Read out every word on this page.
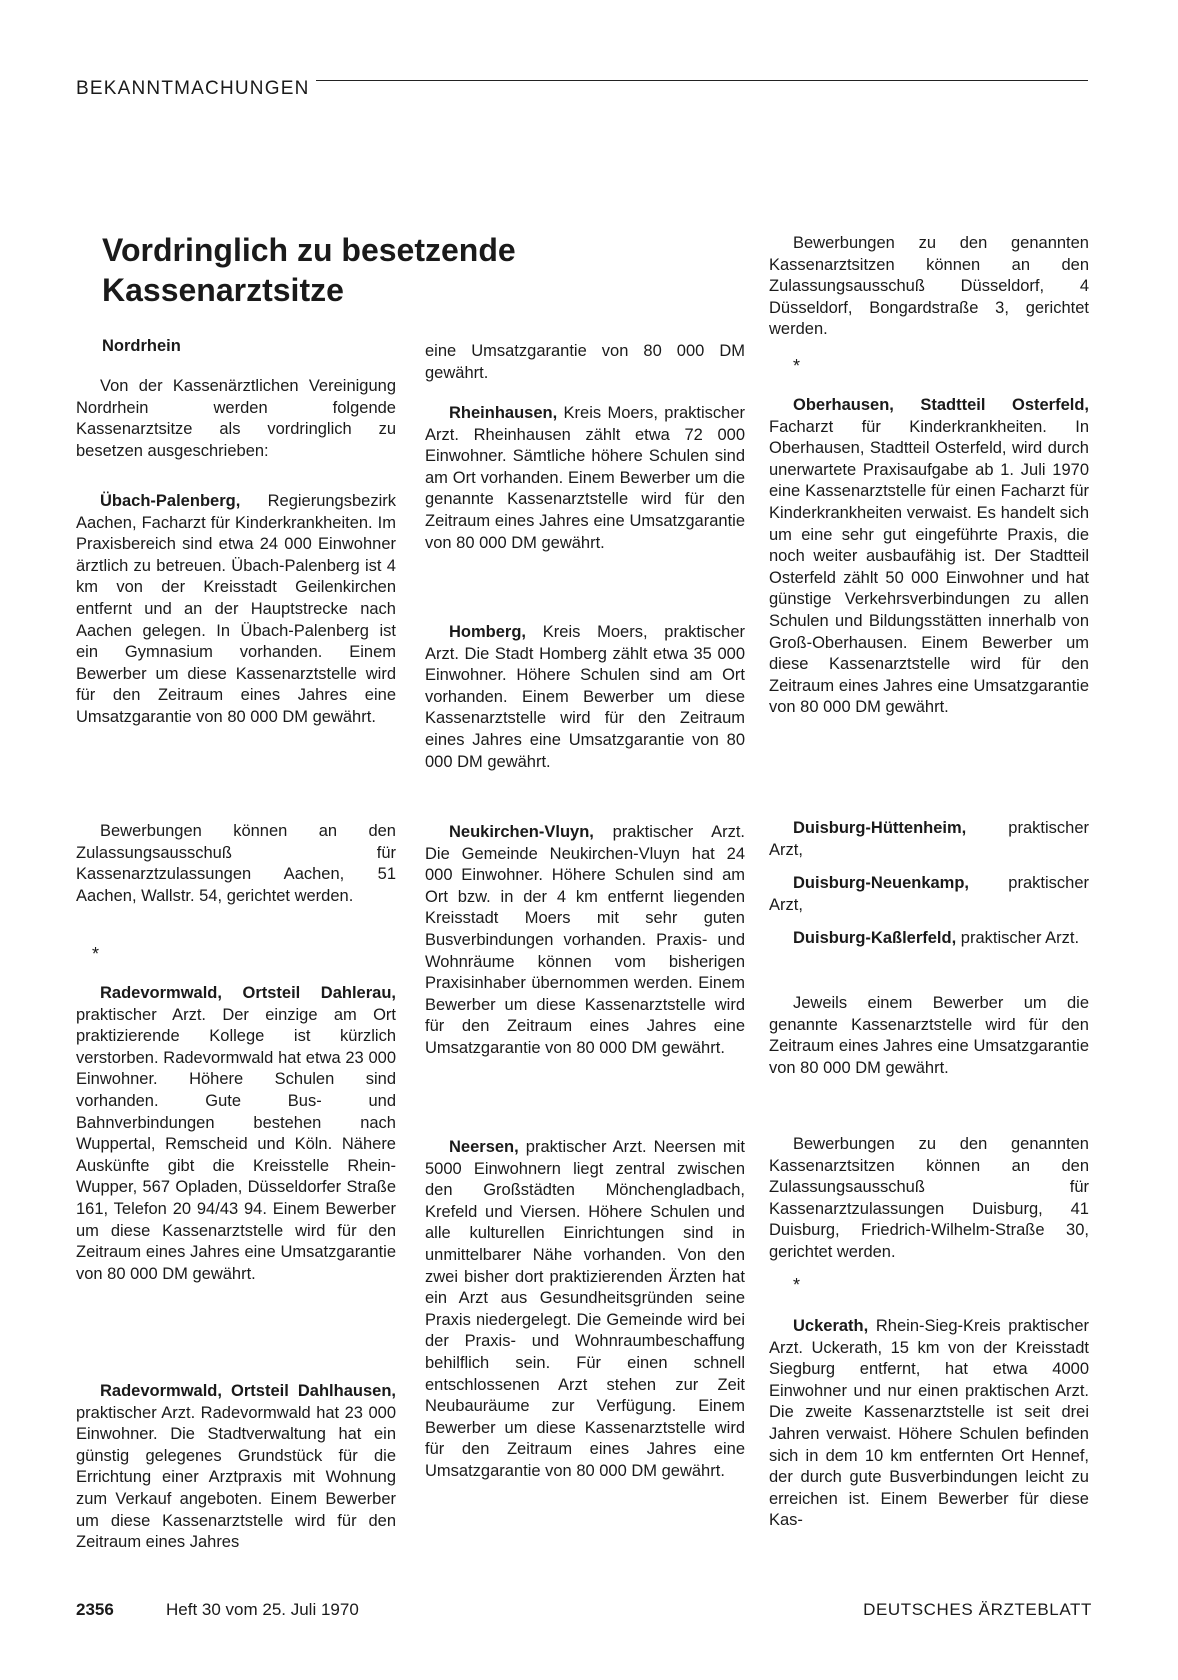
BEKANNTMACHUNGEN
Vordringlich zu besetzende
Kassenarztsitze

Nordrhein

Von der Kassenärztlichen Vereinigung Nordrhein werden folgende Kassenarztsitze als vordringlich zu besetzen ausgeschrieben:

Übach-Palenberg, Regierungsbezirk Aachen, Facharzt für Kinderkrankheiten. Im Praxisbereich sind etwa 24 000 Einwohner ärztlich zu betreuen. Übach-Palenberg ist 4 km von der Kreisstadt Geilenkirchen entfernt und an der Hauptstrecke nach Aachen gelegen. In Übach-Palenberg ist ein Gymnasium vorhanden. Einem Bewerber um diese Kassenarztstelle wird für den Zeitraum eines Jahres eine Umsatzgarantie von 80 000 DM gewährt.

Bewerbungen können an den Zulassungsausschuß für Kassenarztzulassungen Aachen, 51 Aachen, Wallstr. 54, gerichtet werden.

*

Radevormwald, Ortsteil Dahlerau, praktischer Arzt. Der einzige am Ort praktizierende Kollege ist kürzlich verstorben. Radevormwald hat etwa 23 000 Einwohner. Höhere Schulen sind vorhanden. Gute Bus- und Bahnverbindungen bestehen nach Wuppertal, Remscheid und Köln. Nähere Auskünfte gibt die Kreisstelle Rhein-Wupper, 567 Opladen, Düsseldorfer Straße 161, Telefon 20 94/43 94. Einem Bewerber um diese Kassenarztstelle wird für den Zeitraum eines Jahres eine Umsatzgarantie von 80 000 DM gewährt.

Radevormwald, Ortsteil Dahlhausen, praktischer Arzt. Radevormwald hat 23 000 Einwohner. Die Stadtverwaltung hat ein günstig gelegenes Grundstück für die Errichtung einer Arztpraxis mit Wohnung zum Verkauf angeboten. Einem Bewerber um diese Kassenarztstelle wird für den Zeitraum eines Jahres

eine Umsatzgarantie von 80 000 DM gewährt.

Rheinhausen, Kreis Moers, praktischer Arzt. Rheinhausen zählt etwa 72 000 Einwohner. Sämtliche höhere Schulen sind am Ort vorhanden. Einem Bewerber um die genannte Kassenarztstelle wird für den Zeitraum eines Jahres eine Umsatzgarantie von 80 000 DM gewährt.

Homberg, Kreis Moers, praktischer Arzt. Die Stadt Homberg zählt etwa 35 000 Einwohner. Höhere Schulen sind am Ort vorhanden. Einem Bewerber um diese Kassenarztstelle wird für den Zeitraum eines Jahres eine Umsatzgarantie von 80 000 DM gewährt.

Neukirchen-Vluyn, praktischer Arzt. Die Gemeinde Neukirchen-Vluyn hat 24 000 Einwohner. Höhere Schulen sind am Ort bzw. in der 4 km entfernt liegenden Kreisstadt Moers mit sehr guten Busverbindungen vorhanden. Praxis- und Wohnräume können vom bisherigen Praxisinhaber übernommen werden. Einem Bewerber um diese Kassenarztstelle wird für den Zeitraum eines Jahres eine Umsatzgarantie von 80 000 DM gewährt.

Neersen, praktischer Arzt. Neersen mit 5000 Einwohnern liegt zentral zwischen den Großstädten Mönchengladbach, Krefeld und Viersen. Höhere Schulen und alle kulturellen Einrichtungen sind in unmittelbarer Nähe vorhanden. Von den zwei bisher dort praktizierenden Ärzten hat ein Arzt aus Gesundheitsgründen seine Praxis niedergelegt. Die Gemeinde wird bei der Praxis- und Wohnraumbeschaffung behilflich sein. Für einen schnell entschlossenen Arzt stehen zur Zeit Neubauräume zur Verfügung. Einem Bewerber um diese Kassenarztstelle wird für den Zeitraum eines Jahres eine Umsatzgarantie von 80 000 DM gewährt.

Bewerbungen zu den genannten Kassenarztsitzen können an den Zulassungsausschuß Düsseldorf, 4 Düsseldorf, Bongardstraße 3, gerichtet werden.

*

Oberhausen, Stadtteil Osterfeld, Facharzt für Kinderkrankheiten. In Oberhausen, Stadtteil Osterfeld, wird durch unerwartete Praxisaufgabe ab 1. Juli 1970 eine Kassenarztstelle für einen Facharzt für Kinderkrankheiten verwaist. Es handelt sich um eine sehr gut eingeführte Praxis, die noch weiter ausbaufähig ist. Der Stadtteil Osterfeld zählt 50 000 Einwohner und hat günstige Verkehrsverbindungen zu allen Schulen und Bildungsstätten innerhalb von Groß-Oberhausen. Einem Bewerber um diese Kassenarztstelle wird für den Zeitraum eines Jahres eine Umsatzgarantie von 80 000 DM gewährt.

Duisburg-Hüttenheim, praktischer Arzt,

Duisburg-Neuenkamp, praktischer Arzt,

Duisburg-Kaßlerfeld, praktischer Arzt.

Jeweils einem Bewerber um die genannte Kassenarztstelle wird für den Zeitraum eines Jahres eine Umsatzgarantie von 80 000 DM gewährt.

Bewerbungen zu den genannten Kassenarztsitzen können an den Zulassungsausschuß für Kassenarztzulassungen Duisburg, 41 Duisburg, Friedrich-Wilhelm-Straße 30, gerichtet werden.

*

Uckerath, Rhein-Sieg-Kreis praktischer Arzt. Uckerath, 15 km von der Kreisstadt Siegburg entfernt, hat etwa 4000 Einwohner und nur einen praktischen Arzt. Die zweite Kassenarztstelle ist seit drei Jahren verwaist. Höhere Schulen befinden sich in dem 10 km entfernten Ort Hennef, der durch gute Busverbindungen leicht zu erreichen ist. Einem Bewerber für diese Kas-

2356	Heft 30 vom 25. Juli 1970	DEUTSCHES ÄRZTEBLATT
